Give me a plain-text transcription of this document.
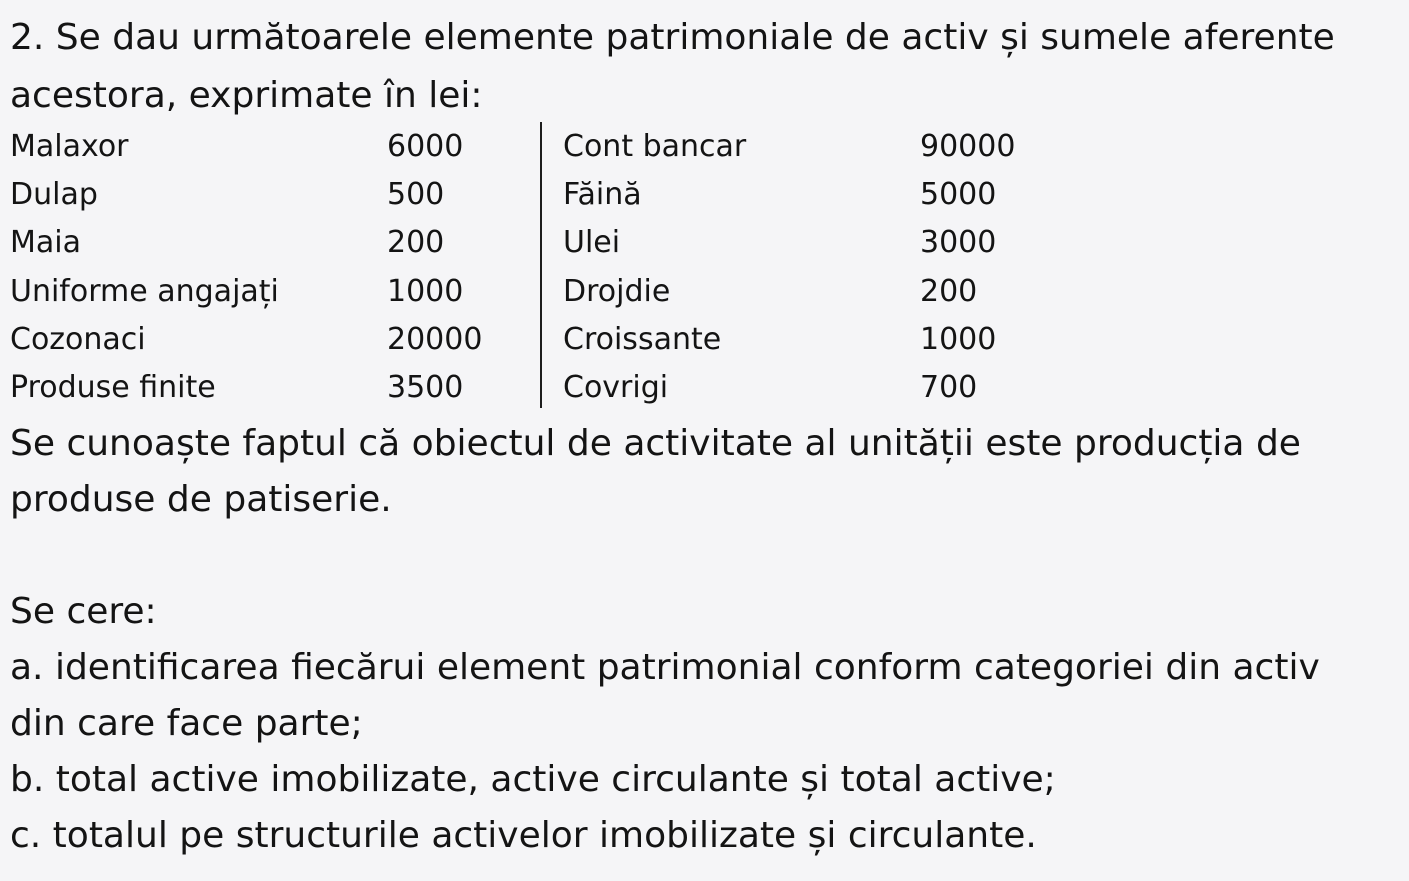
2. Se dau următoarele elemente patrimoniale de activ și sumele aferente
acestora, exprimate în lei:
Malaxor	6000	Cont bancar	90000
Dulap	500	Făină	5000
Maia	200	Ulei	3000
Uniforme angajați	1000	Drojdie	200
Cozonaci	20000	Croissante	1000
Produse finite	3500	Covrigi	700
Se cunoaște faptul că obiectul de activitate al unității este producția de
produse de patiserie.
Se cere:
a. identificarea fiecărui element patrimonial conform categoriei din activ
din care face parte;
b. total active imobilizate, active circulante și total active;
c. totalul pe structurile activelor imobilizate și circulante.
